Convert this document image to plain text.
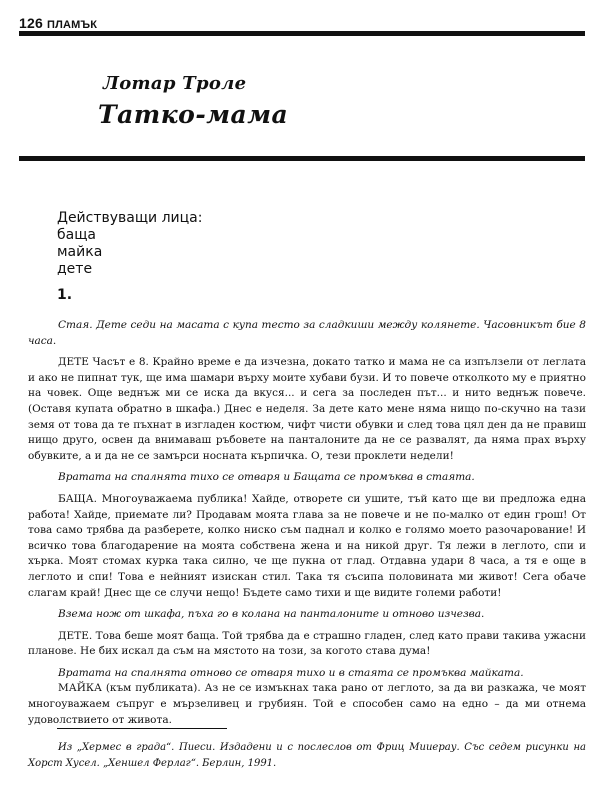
126 ПЛАМЪК
Лотар Троле
Татко-мама
Действуващи лица:
баща
майка
дете
1.

Стая. Дете седи на масата с купа тесто за сладкиши между колянете. Часовникът бие 8 часа.

ДЕТЕ Часът е 8. Крайно време е да изчезна, докато татко и мама не са изпълзели от леглата и ако не пипнат тук, ще има шамари върху моите хубави бузи. И то повече отколкото му е приятно на човек. Още веднъж ми се иска да вкуся... и сега за последен път... и нито веднъж повече. (Оставя купата обратно в шкафа.) Днес е неделя. За дете като мене няма нищо по-скучно на тази земя от това да те пъхнат в изгладен костюм, чифт чисти обувки и след това цял ден да не правиш нищо друго, освен да внимаваш ръбовете на панталоните да не се развалят, да няма прах върху обувките, а и да не се замърси носната кърпичка. О, тези проклети недели!

Вратата на спалнята тихо се отваря и Бащата се промъква в стаята.

БАЩА. Многоуважаема публика! Хайде, отворете си ушите, тъй като ще ви предложа една работа! Хайде, приемате ли? Продавам моята глава за не повече и не по-малко от един грош! От това само трябва да разберете, колко ниско съм паднал и колко е голямо моето разочарование! И всичко това благодарение на моята собствена жена и на никой друг. Тя лежи в леглото, спи и хърка. Моят стомах курка така силно, че ще пукна от глад. Отдавна удари 8 часа, а тя е още в леглото и спи! Това е нейният изискан стил. Така тя съсипа половината ми живот! Сега обаче слагам край! Днес ще се случи нещо! Бъдете само тихи и ще видите големи работи!

Взема нож от шкафа, пъха го в колана на панталоните и отново изчезва.

ДЕТЕ. Това беше моят баща. Той трябва да е страшно гладен, след като прави такива ужасни планове. Не бих искал да съм на мястото на този, за когото става дума!

Вратата на спалнята отново се отваря тихо и в стаята се промъква майката.

МАЙКА (към публиката). Аз не се измъкнах така рано от леглото, за да ви разкажа, че моят многоуважаем съпруг е мързеливец и грубиян. Той е способен само на едно – да ми отнема удоволствието от живота.

Из „Хермес в града“. Пиеси. Издадени и с послеслов от Фриц Мииерау. Със седем рисунки на Хорст Хусел. „Хеншел Ферлаг“. Берлин, 1991.
